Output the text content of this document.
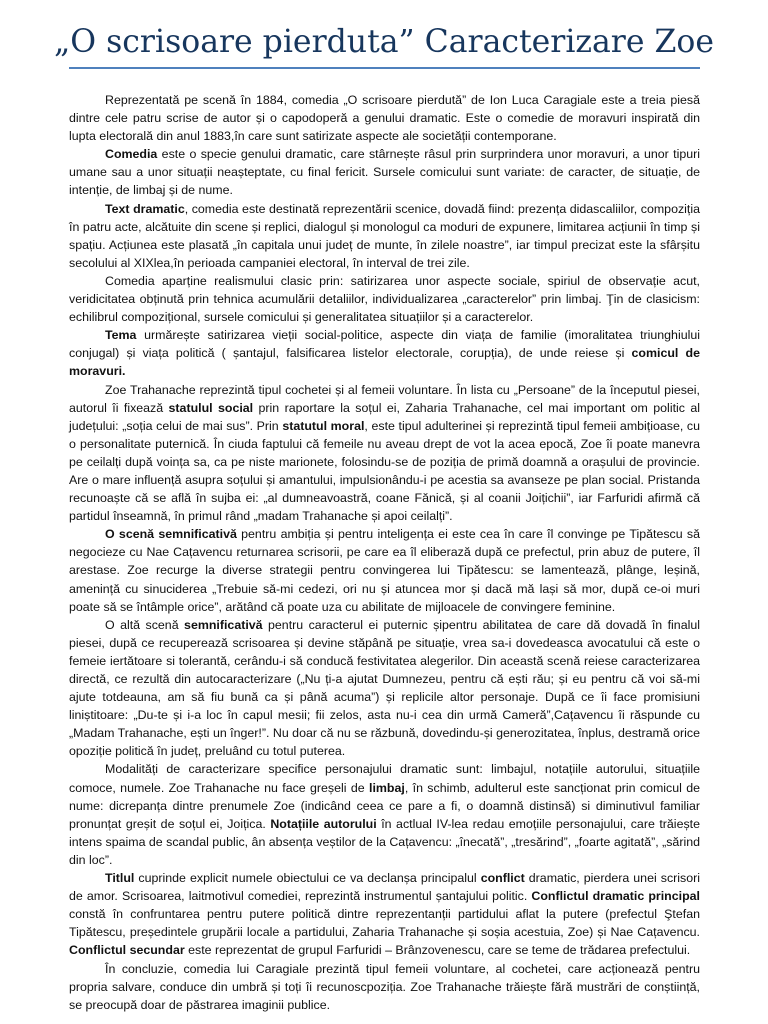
„O scrisoare pierduta” Caracterizare Zoe

Reprezentată pe scenă în 1884, comedia „O scrisoare pierdută” de Ion Luca Caragiale este a treia piesă dintre cele patru scrise de autor și o capodoperă a genului dramatic. Este o comedie de moravuri inspirată din lupta electorală din anul 1883,în care sunt satirizate aspecte ale societății contemporane.

Comedia este o specie genului dramatic, care stârnește râsul prin surprindera unor moravuri, a unor tipuri umane sau a unor situații neașteptate, cu final fericit. Sursele comicului sunt variate: de caracter, de situație, de intenție, de limbaj și de nume.

Text dramatic, comedia este destinată reprezentării scenice, dovadă fiind: prezența didascaliilor, compoziția în patru acte, alcătuite din scene și replici, dialogul și monologul ca moduri de expunere, limitarea acțiunii în timp și spațiu. Acțiunea este plasată „în capitala unui județ de munte, în zilele noastre”, iar timpul precizat este la sfârșitu secolului al XIXlea,în perioada campaniei electoral, în interval de trei zile.

Comedia aparține realismului clasic prin: satirizarea unor aspecte sociale, spiriul de observație acut, veridicitatea obținută prin tehnica acumulării detaliilor, individualizarea „caracterelor” prin limbaj. Ţin de clasicism: echilibrul compozițional, sursele comicului și generalitatea situațiilor și a caracterelor.

Tema urmărește satirizarea vieții social-politice, aspecte din viața de familie (imoralitatea triunghiului conjugal) și viața politică ( șantajul, falsificarea listelor electorale, corupția), de unde reiese și comicul de moravuri.

Zoe Trahanache reprezintă tipul cochetei și al femeii voluntare. În lista cu „Persoane” de la începutul piesei, autorul îi fixează statulul social prin raportare la soțul ei, Zaharia Trahanache, cel mai important om politic al județului: „soția celui de mai sus”. Prin statutul moral, este tipul adulterinei și reprezintă tipul femeii ambițioase, cu o personalitate puternică. În ciuda faptului că femeile nu aveau drept de vot la acea epocă, Zoe îi poate manevra pe ceilalți după voința sa, ca pe niste marionete, folosindu-se de poziția de primă doamnă a orașului de provincie. Are o mare influență asupra soțului și amantului, impulsionându-i pe acestia sa avanseze pe plan social. Pristanda recunoaște că se află în sujba ei: „al dumneavoastră, coane Fănică, și al coanii Joițichii”, iar Farfuridi afirmă că partidul înseamnă, în primul rând „madam Trahanache și apoi ceilalți”.

O scenă semnificativă pentru ambiția și pentru inteligența ei este cea în care îl convinge pe Tipătescu să negocieze cu Nae Cațavencu returnarea scrisorii, pe care ea îl eliberază după ce prefectul, prin abuz de putere, îl arestase. Zoe recurge la diverse strategii pentru convingerea lui Tipătescu: se lamentează, plânge, leșină, amenință cu sinuciderea „Trebuie să-mi cedezi, ori nu și atuncea mor și dacă mă lași să mor, după ce-oi muri poate să se întâmple orice”, arătând că poate uza cu abilitate de mijloacele de convingere feminine.

O altă scenă semnificativă pentru caracterul ei puternic șipentru abilitatea de care dă dovadă în finalul piesei, după ce recuperează scrisoarea și devine stăpână pe situație, vrea sa-i dovedeasca avocatului că este o femeie iertătoare si tolerantă, cerându-i să conducă festivitatea alegerilor. Din această scenă reiese caracterizarea directă, ce rezultă din autocaracterizare („Nu ți-a ajutat Dumnezeu, pentru că ești rău; și eu pentru că voi să-mi ajute totdeauna, am să fiu bună ca și până acuma”) și replicile altor personaje. După ce îi face promisiuni liniștitoare: „Du-te și i-a loc în capul mesii; fii zelos, asta nu-i cea din urmă Cameră”,Cațavencu îi răspunde cu „Madam Trahanache, ești un înger!”. Nu doar că nu se răzbună, dovedindu-și generozitatea, înplus, destramă orice opoziție politică în județ, preluând cu totul puterea.

Modalități de caracterizare specifice personajului dramatic sunt: limbajul, notațiile autorului, situațiile comoce, numele. Zoe Trahanache nu face greșeli de limbaj, în schimb, adulterul este sancționat prin comicul de nume: dicrepanța dintre prenumele Zoe (indicând ceea ce pare a fi, o doamnă distinsă) si diminutivul familiar pronunțat greșit de soțul ei, Joițica. Notațiile autorului în actlual IV-lea redau emoțiile personajului, care trăiește intens spaima de scandal public, ân absența veștilor de la Cațavencu: „înecată”, „tresărind”, „foarte agitată”, „sărind din loc”.

Titlul cuprinde explicit numele obiectului ce va declanșa principalul conflict dramatic, pierdera unei scrisori de amor. Scrisoarea, laitmotivul comediei, reprezintă instrumentul șantajului politic. Conflictul dramatic principal constă în confruntarea pentru putere politică dintre reprezentanții partidului aflat la putere (prefectul Ştefan Tipătescu, președintele grupării locale a partidului, Zaharia Trahanache și soșia acestuia, Zoe) și Nae Cațavencu. Conflictul secundar este reprezentat de grupul Farfuridi – Brânzovenescu, care se teme de trădarea prefectului.

În concluzie, comedia lui Caragiale prezintă tipul femeii voluntare, al cochetei, care acționează pentru propria salvare, conduce din umbră și toți îi recunoscpoziția. Zoe Trahanache trăiește fără mustrări de conștiință, se preocupă doar de păstrarea imaginii publice.
